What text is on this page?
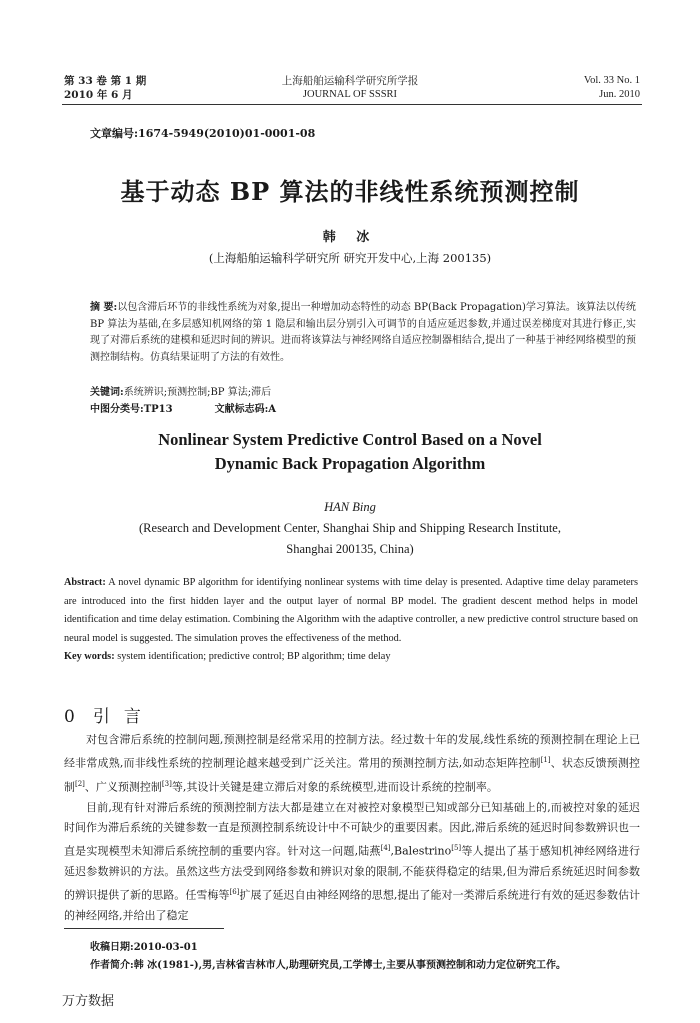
第 33 卷 第 1 期
2010 年 6 月
上海船舶运输科学研究所学报
JOURNAL OF SSSRI
Vol. 33 No. 1
Jun. 2010
文章编号:1674-5949(2010)01-0001-08
基于动态 BP 算法的非线性系统预测控制
韩 冰
(上海船舶运输科学研究所 研究开发中心,上海 200135)
摘 要:以包含滞后环节的非线性系统为对象,提出一种增加动态特性的动态 BP(Back Propagation)学习算法。该算法以传统 BP 算法为基础,在多层感知机网络的第 1 隐层和输出层分别引入可调节的自适应延迟参数,并通过误差梯度对其进行修正,实现了对滞后系统的建模和延迟时间的辨识。进而将该算法与神经网络自适应控制器相结合,提出了一种基于神经网络模型的预测控制结构。仿真结果证明了方法的有效性。
关键词:系统辨识;预测控制;BP 算法;滞后
中图分类号:TP13	文献标志码:A
Nonlinear System Predictive Control Based on a Novel
Dynamic Back Propagation Algorithm
HAN Bing
(Research and Development Center, Shanghai Ship and Shipping Research Institute,
Shanghai 200135, China)
Abstract: A novel dynamic BP algorithm for identifying nonlinear systems with time delay is presented. Adaptive time delay parameters are introduced into the first hidden layer and the output layer of normal BP model. The gradient descent method helps in model identification and time delay estimation. Combining the Algorithm with the adaptive controller, a new predictive control structure based on neural model is suggested. The simulation proves the effectiveness of the method.
Key words: system identification; predictive control; BP algorithm; time delay
0 引言

对包含滞后系统的控制问题,预测控制是经常采用的控制方法。经过数十年的发展,线性系统的预测控制在理论上已经非常成熟,而非线性系统的控制理论越来越受到广泛关注。常用的预测控制方法,如动态矩阵控制[1]、状态反馈预测控制[2]、广义预测控制[3]等,其设计关键是建立滞后对象的系统模型,进而设计系统的控制率。

目前,现有针对滞后系统的预测控制方法大都是建立在对被控对象模型已知或部分已知基础上的,而被控对象的延迟时间作为滞后系统的关键参数一直是预测控制系统设计中不可缺少的重要因素。因此,滞后系统的延迟时间参数辨识也一直是实现模型未知滞后系统控制的重要内容。针对这一问题,陆燕[4],Balestrino[5]等人提出了基于感知机神经网络进行延迟参数辨识的方法。虽然这些方法受到网络参数和辨识对象的限制,不能获得稳定的结果,但为滞后系统延迟时间参数的辨识提供了新的思路。任雪梅等[6]扩展了延迟自由神经网络的思想,提出了能对一类滞后系统进行有效的延迟参数估计的神经网络,并给出了稳定

收稿日期:2010-03-01
作者简介:韩 冰(1981-),男,吉林省吉林市人,助理研究员,工学博士,主要从事预测控制和动力定位研究工作。
万方数据
